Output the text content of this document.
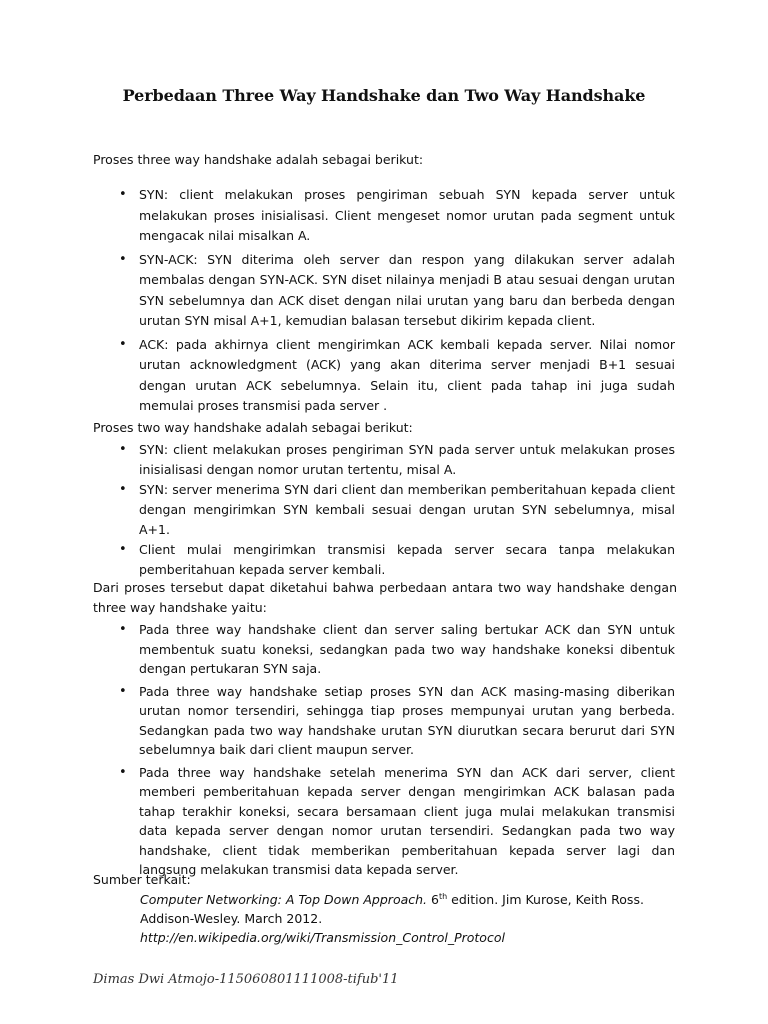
Perbedaan Three Way Handshake dan Two Way Handshake
Proses three way handshake adalah sebagai berikut:
• SYN: client melakukan proses pengiriman sebuah SYN kepada server untuk melakukan proses inisialisasi. Client mengeset nomor urutan pada segment untuk mengacak nilai misalkan A.
• SYN-ACK: SYN diterima oleh server dan respon yang dilakukan server adalah membalas dengan SYN-ACK. SYN diset nilainya menjadi B atau sesuai dengan urutan SYN sebelumnya dan ACK diset dengan nilai urutan yang baru dan berbeda dengan urutan SYN misal A+1, kemudian balasan tersebut dikirim kepada client.
• ACK: pada akhirnya client mengirimkan ACK kembali kepada server. Nilai nomor urutan acknowledgment (ACK) yang akan diterima server menjadi B+1 sesuai dengan urutan ACK sebelumnya. Selain itu, client pada tahap ini juga sudah memulai proses transmisi pada server .
Proses two way handshake adalah sebagai berikut:
• SYN: client melakukan proses pengiriman SYN pada server untuk melakukan proses inisialisasi dengan nomor urutan tertentu, misal A.
• SYN: server menerima SYN dari client dan memberikan pemberitahuan kepada client dengan mengirimkan SYN kembali sesuai dengan urutan SYN sebelumnya, misal A+1.
• Client mulai mengirimkan transmisi kepada server secara tanpa melakukan pemberitahuan kepada server kembali.
Dari proses tersebut dapat diketahui bahwa perbedaan antara two way handshake dengan three way handshake yaitu:
• Pada three way handshake client dan server saling bertukar ACK dan SYN untuk membentuk suatu koneksi, sedangkan pada two way handshake koneksi dibentuk dengan pertukaran SYN saja.
• Pada three way handshake setiap proses SYN dan ACK masing-masing diberikan urutan nomor tersendiri, sehingga tiap proses mempunyai urutan yang berbeda. Sedangkan pada two way handshake urutan SYN diurutkan secara berurut dari SYN sebelumnya baik dari client maupun server.
• Pada three way handshake setelah menerima SYN dan ACK dari server, client memberi pemberitahuan kepada server dengan mengirimkan ACK balasan pada tahap terakhir koneksi, secara bersamaan client juga mulai melakukan transmisi data kepada server dengan nomor urutan tersendiri. Sedangkan pada two way handshake, client tidak memberikan pemberitahuan kepada server lagi dan langsung melakukan transmisi data kepada server.
Sumber terkait:
Computer Networking: A Top Down Approach. 6th edition. Jim Kurose, Keith Ross. Addison-Wesley. March 2012.
http://en.wikipedia.org/wiki/Transmission_Control_Protocol
Dimas Dwi Atmojo-115060801111008-tifub'11
